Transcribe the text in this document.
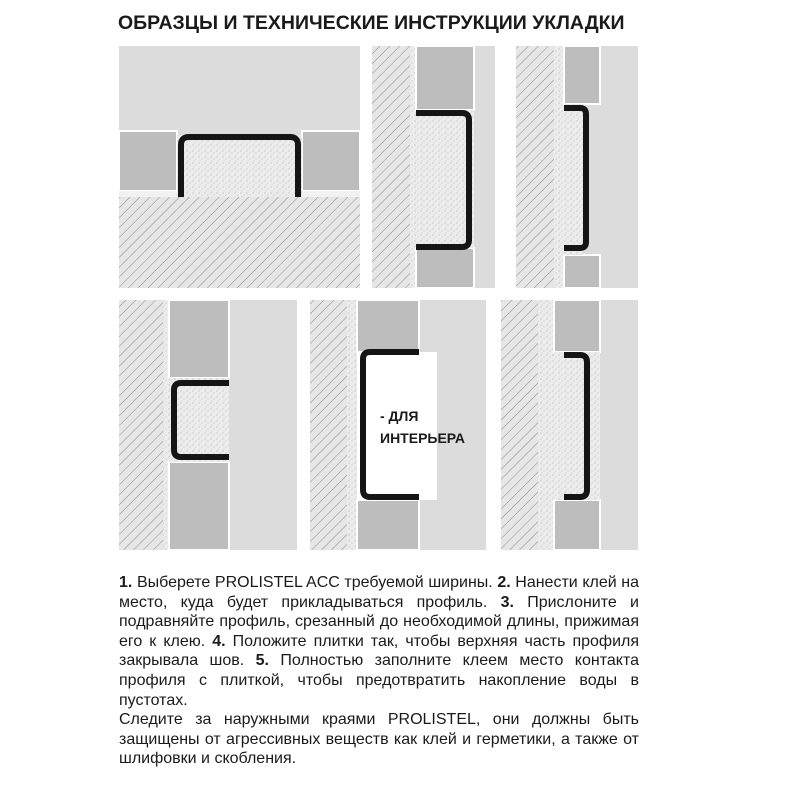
ОБРАЗЦЫ И ТЕХНИЧЕСКИЕ ИНСТРУКЦИИ УКЛАДКИ
- ДЛЯ
ИНТЕРЬЕРА

1. Выберете PROLISTEL ACC требуемой ширины. 2. Нанести клей на место, куда будет прикладываться профиль. 3. Прислоните и подравняйте профиль, срезанный до необходимой длины, прижимая его к клею. 4. Положите плитки так, чтобы верхняя часть профиля закрывала шов. 5. Полностью заполните клеем место контакта профиля с плиткой, чтобы предотвратить накопление воды в пустотах.

Следите за наружными краями PROLISTEL, они должны быть защищены от агрессивных веществ как клей и герметики, а также от шлифовки и скобления.
